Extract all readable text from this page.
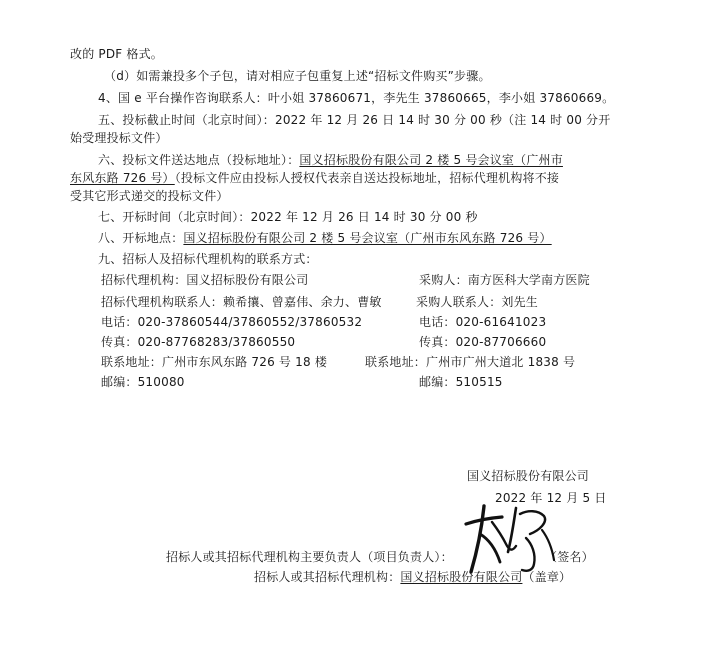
改的 PDF 格式。
（d）如需兼投多个子包，请对相应子包重复上述“招标文件购买”步骤。
4、国 e 平台操作咨询联系人：叶小姐 37860671，李先生 37860665，李小姐 37860669。
五、投标截止时间（北京时间）：2022 年 12 月 26 日 14 时 30 分 00 秒（注 14 时 00 分开
始受理投标文件）
六、投标文件送达地点（投标地址）：国义招标股份有限公司 2 楼 5 号会议室（广州市
东风东路 726 号）（投标文件应由投标人授权代表亲自送达投标地址，招标代理机构将不接
受其它形式递交的投标文件）
七、开标时间（北京时间）：2022 年 12 月 26 日 14 时 30 分 00 秒
八、开标地点：国义招标股份有限公司 2 楼 5 号会议室（广州市东风东路 726 号）
九、招标人及招标代理机构的联系方式：
招标代理机构：国义招标股份有限公司	采购人：南方医科大学南方医院
招标代理机构联系人：赖希攘、曾嘉伟、余力、曹敏	采购人联系人：刘先生
电话：020-37860544/37860552/37860532	电话：020-61641023
传真：020-87768283/37860550	传真：020-87706660
联系地址：广州市东风东路 726 号 18 楼	联系地址：广州市广州大道北 1838 号
邮编：510080	邮编：510515
国义招标股份有限公司
2022 年 12 月 5 日
招标人或其招标代理机构主要负责人（项目负责人）：	（签名）
招标人或其招标代理机构：国义招标股份有限公司（盖章）
